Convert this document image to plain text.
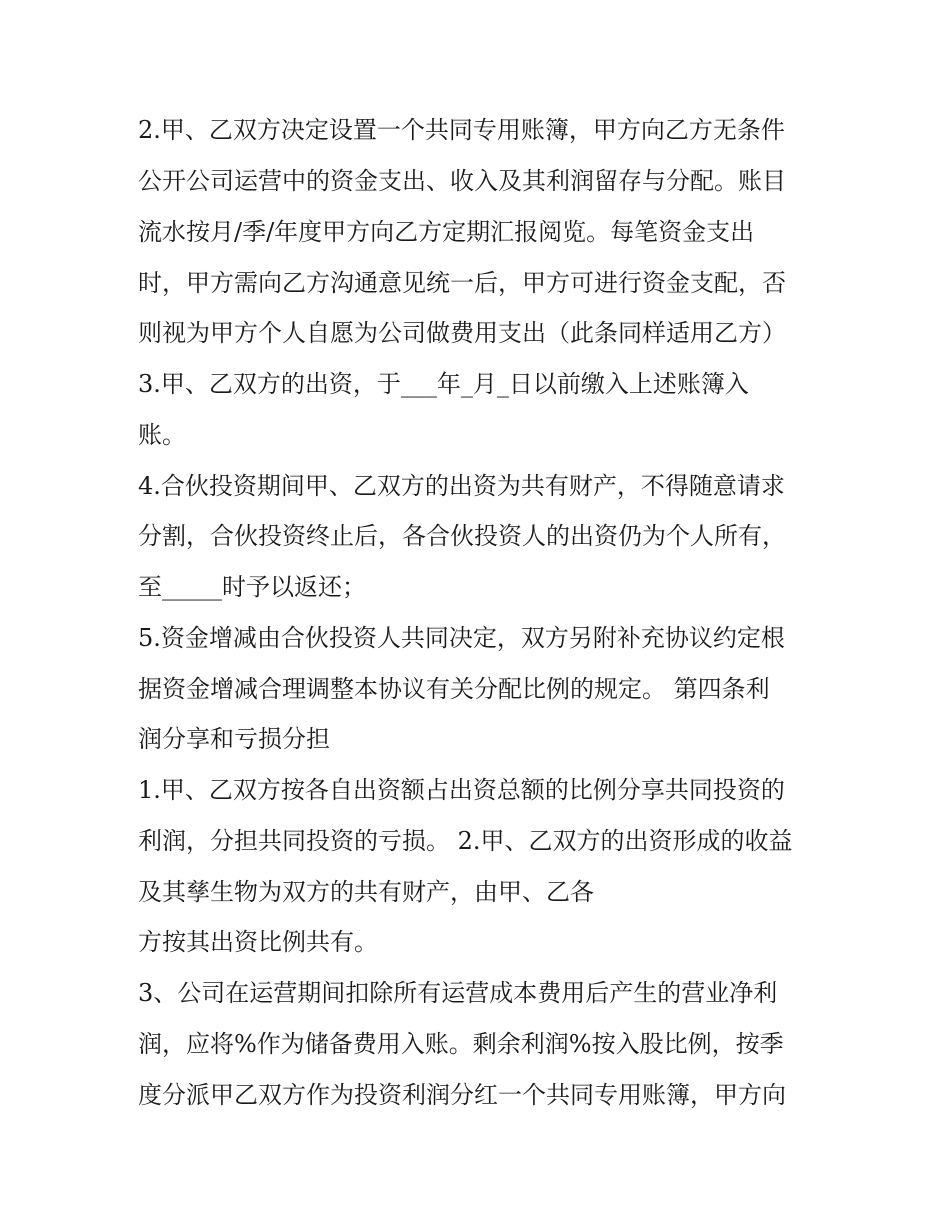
2.甲、乙双方决定设置一个共同专用账簿，甲方向乙方无条件

公开公司运营中的资金支出、收入及其利润留存与分配。账目

流水按月/季/年度甲方向乙方定期汇报阅览。每笔资金支出

时，甲方需向乙方沟通意见统一后，甲方可进行资金支配，否

则视为甲方个人自愿为公司做费用支出（此条同样适用乙方）

3.甲、乙双方的出资，于___年_月_日以前缴入上述账簿入

账。

4.合伙投资期间甲、乙双方的出资为共有财产，不得随意请求

分割，合伙投资终止后，各合伙投资人的出资仍为个人所有，

至_____时予以返还；

5.资金增减由合伙投资人共同决定，双方另附补充协议约定根

据资金增减合理调整本协议有关分配比例的规定。 第四条利

润分享和亏损分担

1.甲、乙双方按各自出资额占出资总额的比例分享共同投资的

利润，分担共同投资的亏损。 2.甲、乙双方的出资形成的收益

及其孳生物为双方的共有财产，由甲、乙各

方按其出资比例共有。

3、公司在运营期间扣除所有运营成本费用后产生的营业净利

润，应将%作为储备费用入账。剩余利润%按入股比例，按季

度分派甲乙双方作为投资利润分红一个共同专用账簿，甲方向
